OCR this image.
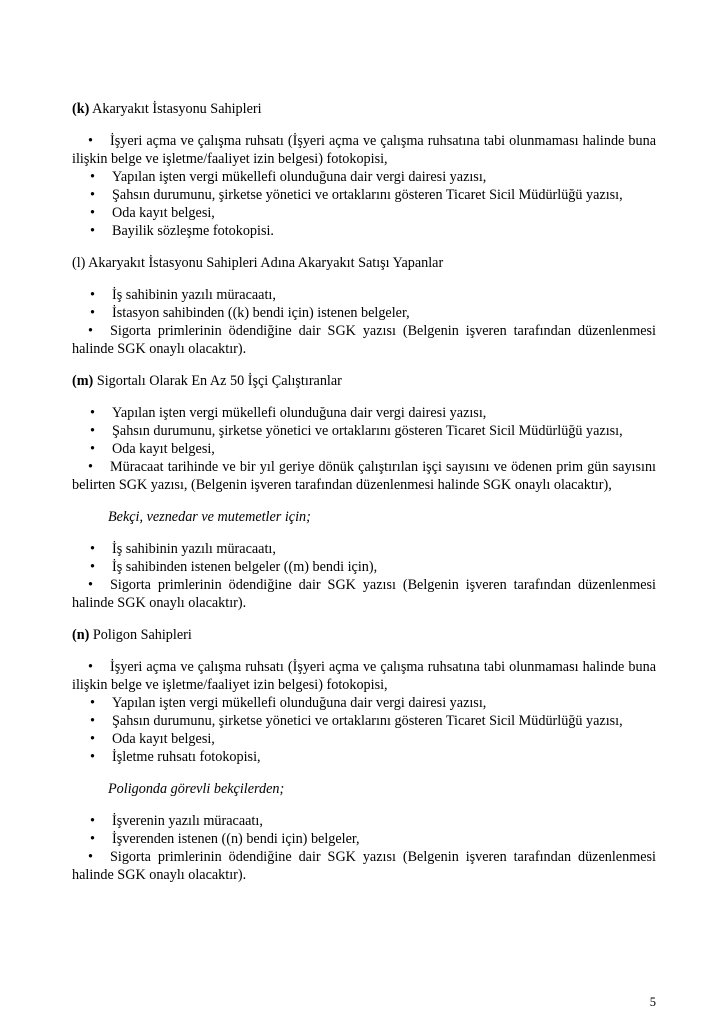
(k) Akaryakıt İstasyonu Sahipleri

• İşyeri açma ve çalışma ruhsatı (İşyeri açma ve çalışma ruhsatına tabi olunmaması halinde buna ilişkin belge ve işletme/faaliyet izin belgesi) fotokopisi,
• Yapılan işten vergi mükellefi olunduğuna dair vergi dairesi yazısı,
• Şahsın durumunu, şirketse yönetici ve ortaklarını gösteren Ticaret Sicil Müdürlüğü yazısı,
• Oda kayıt belgesi,
• Bayilik sözleşme fotokopisi.

(l) Akaryakıt İstasyonu Sahipleri Adına Akaryakıt Satışı Yapanlar

• İş sahibinin yazılı müracaatı,
• İstasyon sahibinden ((k) bendi için) istenen belgeler,
• Sigorta primlerinin ödendiğine dair SGK yazısı (Belgenin işveren tarafından düzenlenmesi halinde SGK onaylı olacaktır).

(m) Sigortalı Olarak En Az 50 İşçi Çalıştıranlar

• Yapılan işten vergi mükellefi olunduğuna dair vergi dairesi yazısı,
• Şahsın durumunu, şirketse yönetici ve ortaklarını gösteren Ticaret Sicil Müdürlüğü yazısı,
• Oda kayıt belgesi,
• Müracaat tarihinde ve bir yıl geriye dönük çalıştırılan işçi sayısını ve ödenen prim gün sayısını belirten SGK yazısı, (Belgenin işveren tarafından düzenlenmesi halinde SGK onaylı olacaktır),

Bekçi, veznedar ve mutemetler için;

• İş sahibinin yazılı müracaatı,
• İş sahibinden istenen belgeler ((m) bendi için),
• Sigorta primlerinin ödendiğine dair SGK yazısı (Belgenin işveren tarafından düzenlenmesi halinde SGK onaylı olacaktır).

(n) Poligon Sahipleri

• İşyeri açma ve çalışma ruhsatı (İşyeri açma ve çalışma ruhsatına tabi olunmaması halinde buna ilişkin belge ve işletme/faaliyet izin belgesi) fotokopisi,
• Yapılan işten vergi mükellefi olunduğuna dair vergi dairesi yazısı,
• Şahsın durumunu, şirketse yönetici ve ortaklarını gösteren Ticaret Sicil Müdürlüğü yazısı,
• Oda kayıt belgesi,
• İşletme ruhsatı fotokopisi,

Poligonda görevli bekçilerden;

• İşverenin yazılı müracaatı,
• İşverenden istenen ((n) bendi için) belgeler,
• Sigorta primlerinin ödendiğine dair SGK yazısı (Belgenin işveren tarafından düzenlenmesi halinde SGK onaylı olacaktır).
5
